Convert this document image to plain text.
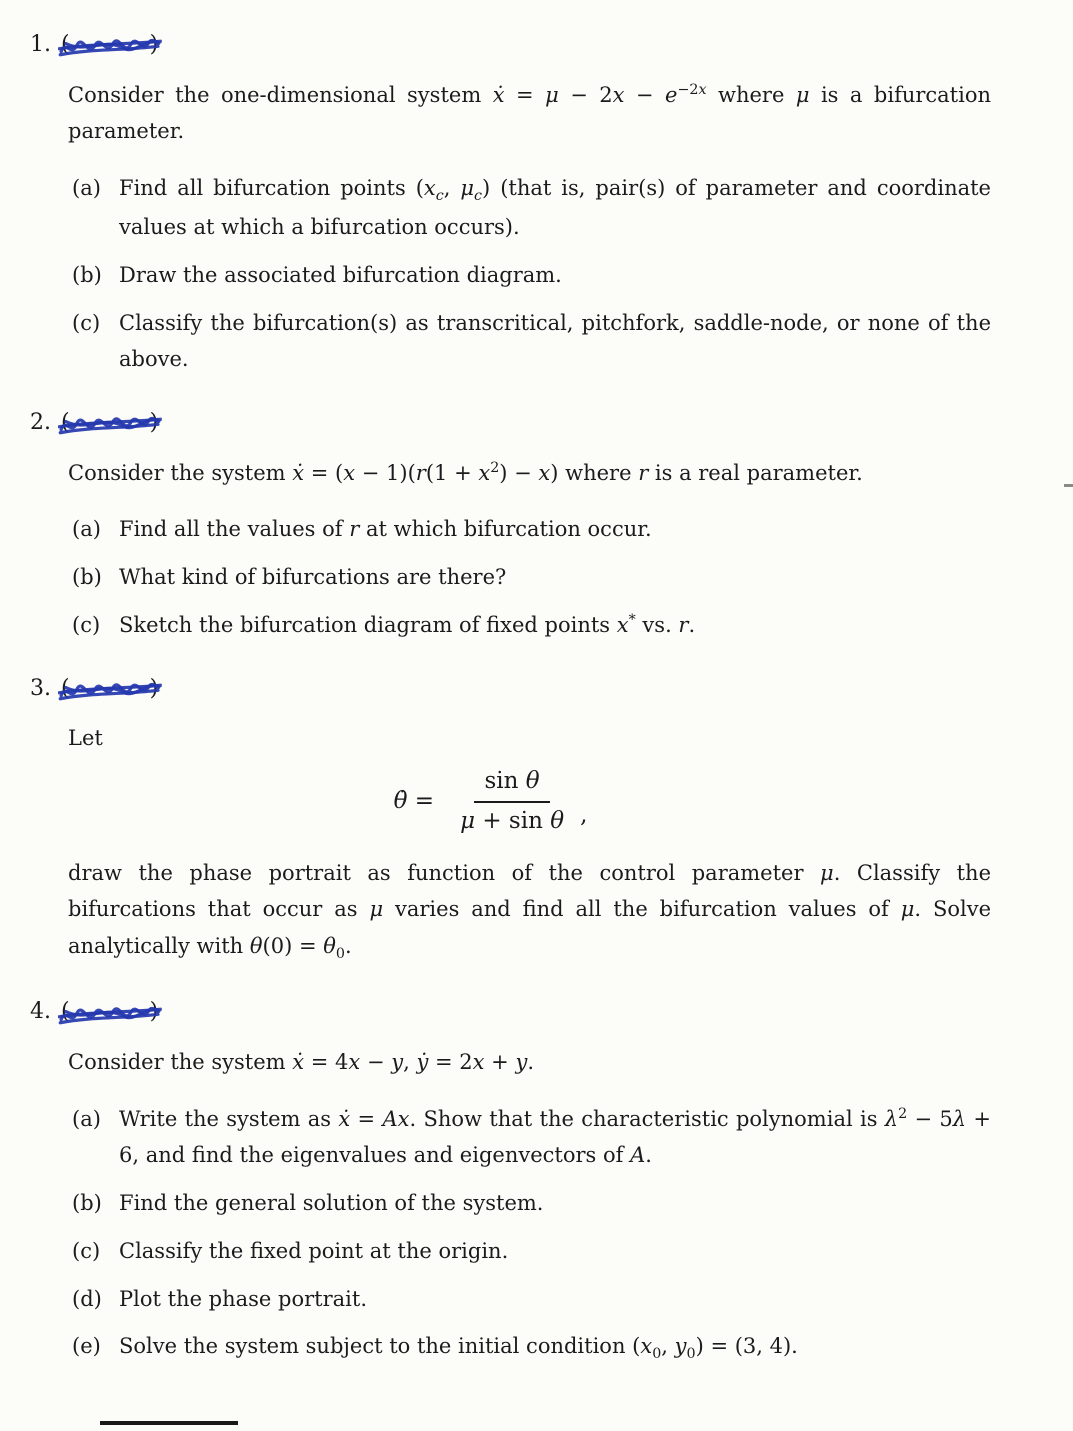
1. (	)

Consider the one-dimensional system ẋ = $\mu - 2x - e^{-2x}$ where μ is a bifurcation parameter.

(a) Find all bifurcation points ($x_c$, $\mu_c$) (that is, pair(s) of parameter and coordinate values at which a bifurcation occurs).
(b) Draw the associated bifurcation diagram.
(c) Classify the bifurcation(s) as transcritical, pitchfork, saddle-node, or none of the above.
2. (	)

Consider the system ẋ = $(x - 1)(r(1 + x^2) - x)$ where r is a real parameter.

(a) Find all the values of r at which bifurcation occur.
(b) What kind of bifurcations are there?
(c) Sketch the bifurcation diagram of fixed points x* vs. r.
3. (	)

Let

θ̇ = $\frac{\text{sin θ}}{\text{μ + sin θ}}$ ,

draw the phase portrait as function of the control parameter μ. Classify the bifurcations that occur as μ varies and find all the bifurcation values of μ. Solve analytically with $\theta(0) = \theta_0$.

4. (	)

Consider the system ẋ = 4x − y, ẏ = 2x + y.

(a) Write the system as ẋ = Ax. Show that the characteristic polynomial is $\lambda^2 - 5\lambda + 6$, and find the eigenvalues and eigenvectors of A.
(b) Find the general solution of the system.
(c) Classify the fixed point at the origin.
(d) Plot the phase portrait.
(e) Solve the system subject to the initial condition ($x_0$, $y_0) = (3$, 4).
